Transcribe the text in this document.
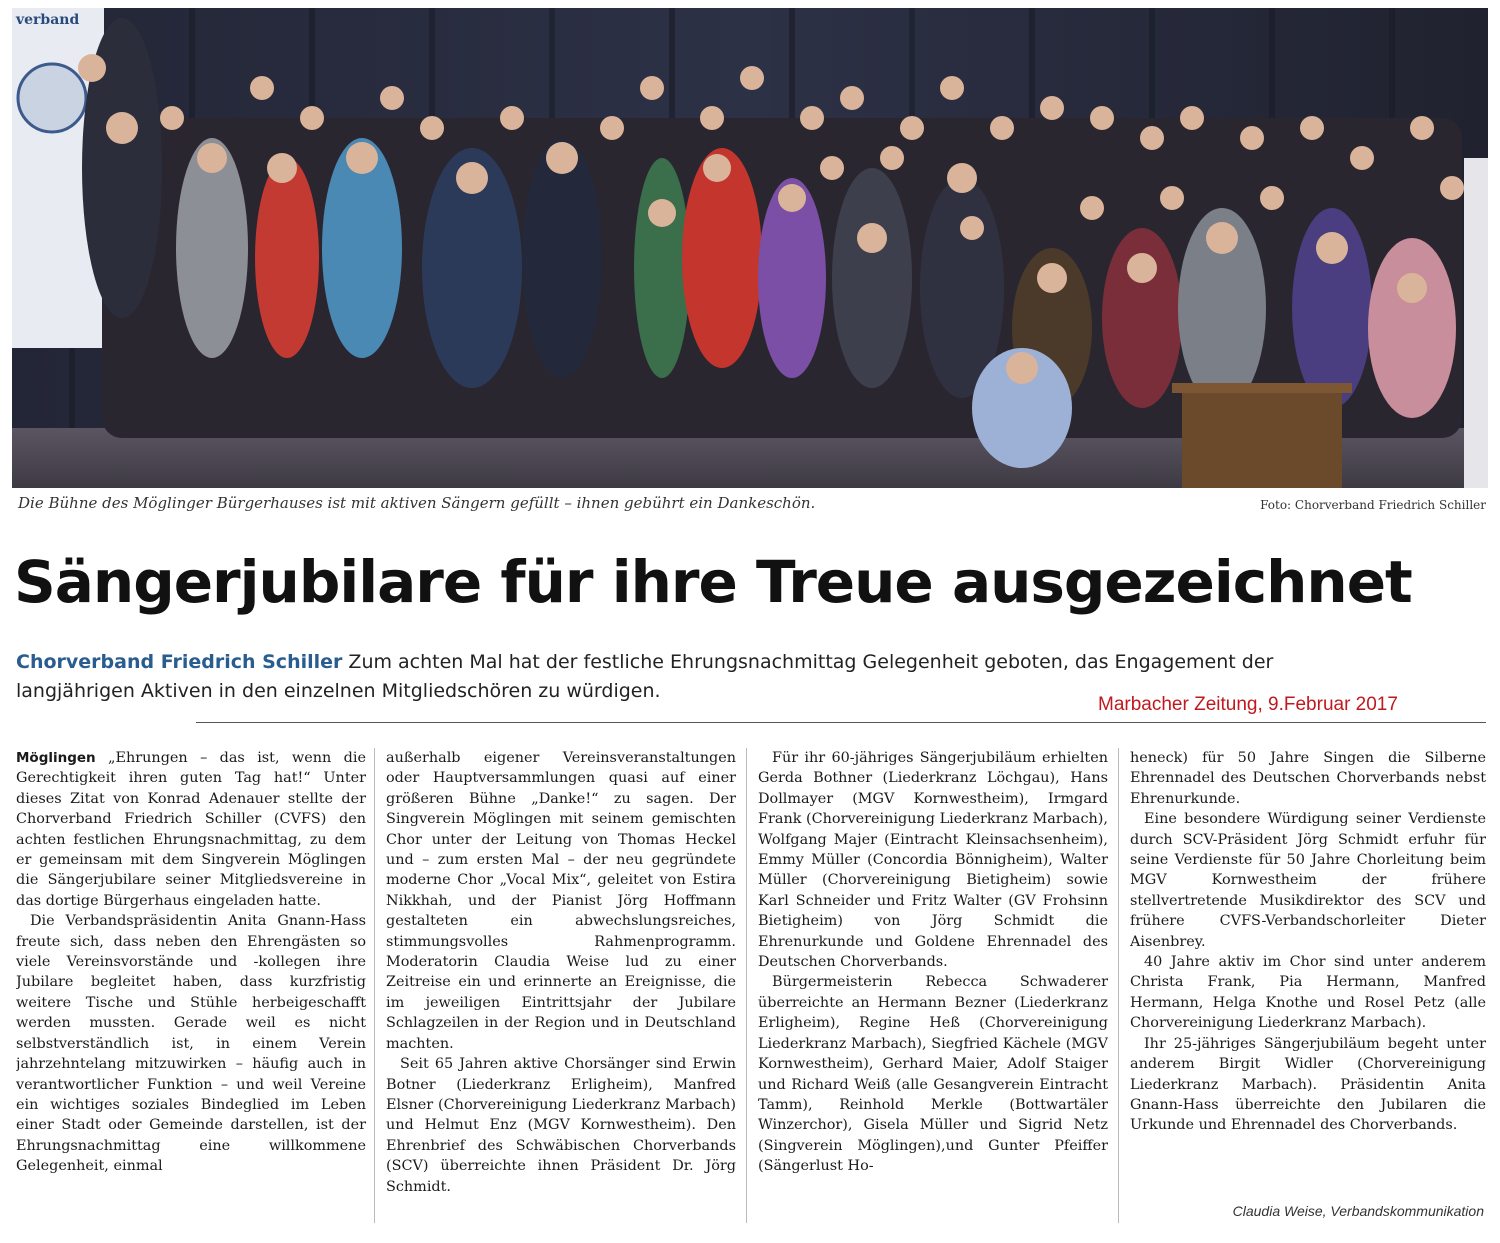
verband
Die Bühne des Möglinger Bürgerhauses ist mit aktiven Sängern gefüllt – ihnen gebührt ein Dankeschön.	Foto: Chorverband Friedrich Schiller
Sängerjubilare für ihre Treue ausgezeichnet
Chorverband Friedrich Schiller Zum achten Mal hat der festliche Ehrungsnachmittag Gelegenheit geboten, das Engagement der langjährigen Aktiven in den einzelnen Mitgliedschören zu würdigen.
Marbacher Zeitung, 9.Februar 2017

Möglingen „Ehrungen – das ist, wenn die Gerechtigkeit ihren guten Tag hat!“ Unter dieses Zitat von Konrad Adenauer stellte der Chorverband Friedrich Schiller (CVFS) den achten festlichen Ehrungsnachmittag, zu dem er gemeinsam mit dem Singverein Möglingen die Sängerjubilare seiner Mitgliedsvereine in das dortige Bürgerhaus eingeladen hatte.

Die Verbandspräsidentin Anita Gnann-Hass freute sich, dass neben den Ehrengästen so viele Vereinsvorstände und -kollegen ihre Jubilare begleitet haben, dass kurzfristig weitere Tische und Stühle herbeigeschafft werden mussten. Gerade weil es nicht selbstverständlich ist, in einem Verein jahrzehntelang mitzuwirken – häufig auch in verantwortlicher Funktion – und weil Vereine ein wichtiges soziales Bindeglied im Leben einer Stadt oder Gemeinde darstellen, ist der Ehrungsnachmittag eine willkommene Gelegenheit, einmal

außerhalb eigener Vereinsveranstaltungen oder Hauptversammlungen quasi auf einer größeren Bühne „Danke!“ zu sagen. Der Singverein Möglingen mit seinem gemischten Chor unter der Leitung von Thomas Heckel und – zum ersten Mal – der neu gegründete moderne Chor „Vocal Mix“, geleitet von Estira Nikkhah, und der Pianist Jörg Hoffmann gestalteten ein abwechslungsreiches, stimmungsvolles Rahmenprogramm. Moderatorin Claudia Weise lud zu einer Zeitreise ein und erinnerte an Ereignisse, die im jeweiligen Eintrittsjahr der Jubilare Schlagzeilen in der Region und in Deutschland machten.

Seit 65 Jahren aktive Chorsänger sind Erwin Botner (Liederkranz Erligheim), Manfred Elsner (Chorvereinigung Liederkranz Marbach) und Helmut Enz (MGV Kornwestheim). Den Ehrenbrief des Schwäbischen Chorverbands (SCV) überreichte ihnen Präsident Dr. Jörg Schmidt.

Für ihr 60-jähriges Sängerjubiläum erhielten Gerda Bothner (Liederkranz Löchgau), Hans Dollmayer (MGV Kornwestheim), Irmgard Frank (Chorvereinigung Liederkranz Marbach), Wolfgang Majer (Eintracht Kleinsachsenheim), Emmy Müller (Concordia Bönnigheim), Walter Müller (Chorvereinigung Bietigheim) sowie Karl Schneider und Fritz Walter (GV Frohsinn Bietigheim) von Jörg Schmidt die Ehrenurkunde und Goldene Ehrennadel des Deutschen Chorverbands.

Bürgermeisterin Rebecca Schwaderer überreichte an Hermann Bezner (Liederkranz Erligheim), Regine Heß (Chorvereinigung Liederkranz Marbach), Siegfried Kächele (MGV Kornwestheim), Gerhard Maier, Adolf Staiger und Richard Weiß (alle Gesangverein Eintracht Tamm), Reinhold Merkle (Bottwartäler Winzerchor), Gisela Müller und Sigrid Netz (Singverein Möglingen),und Gunter Pfeiffer (Sängerlust Ho-

heneck) für 50 Jahre Singen die Silberne Ehrennadel des Deutschen Chorverbands nebst Ehrenurkunde.

Eine besondere Würdigung seiner Verdienste durch SCV-Präsident Jörg Schmidt erfuhr für seine Verdienste für 50 Jahre Chorleitung beim MGV Kornwestheim der frühere stellvertretende Musikdirektor des SCV und frühere CVFS-Verbandschorleiter Dieter Aisenbrey.

40 Jahre aktiv im Chor sind unter anderem Christa Frank, Pia Hermann, Manfred Hermann, Helga Knothe und Rosel Petz (alle Chorvereinigung Liederkranz Marbach).

Ihr 25-jähriges Sängerjubiläum begeht unter anderem Birgit Widler (Chorvereinigung Liederkranz Marbach). Präsidentin Anita Gnann-Hass überreichte den Jubilaren die Urkunde und Ehrennadel des Chorverbands.

Claudia Weise, Verbandskommunikation
